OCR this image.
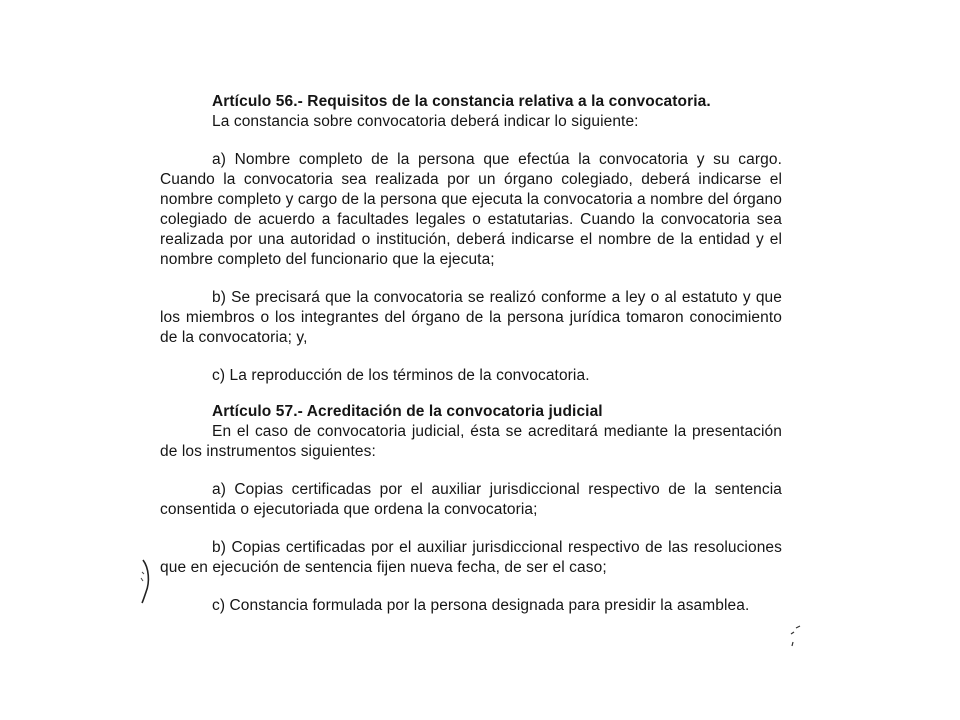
Artículo 56.- Requisitos de la constancia relativa a la convocatoria.

La constancia sobre convocatoria deberá indicar lo siguiente:

a) Nombre completo de la persona que efectúa la convocatoria y su cargo. Cuando la convocatoria sea realizada por un órgano colegiado, deberá indicarse el nombre completo y cargo de la persona que ejecuta la convocatoria a nombre del órgano colegiado de acuerdo a facultades legales o estatutarias. Cuando la convocatoria sea realizada por una autoridad o institución, deberá indicarse el nombre de la entidad y el nombre completo del funcionario que la ejecuta;

b) Se precisará que la convocatoria se realizó conforme a ley o al estatuto y que los miembros o los integrantes del órgano de la persona jurídica tomaron conocimiento de la convocatoria; y,

c) La reproducción de los términos de la convocatoria.

Artículo 57.- Acreditación de la convocatoria judicial

En el caso de convocatoria judicial, ésta se acreditará mediante la presentación de los instrumentos siguientes:

a) Copias certificadas por el auxiliar jurisdiccional respectivo de la sentencia consentida o ejecutoriada que ordena la convocatoria;

b) Copias certificadas por el auxiliar jurisdiccional respectivo de las resoluciones que en ejecución de sentencia fijen nueva fecha, de ser el caso;

c) Constancia formulada por la persona designada para presidir la asamblea.
